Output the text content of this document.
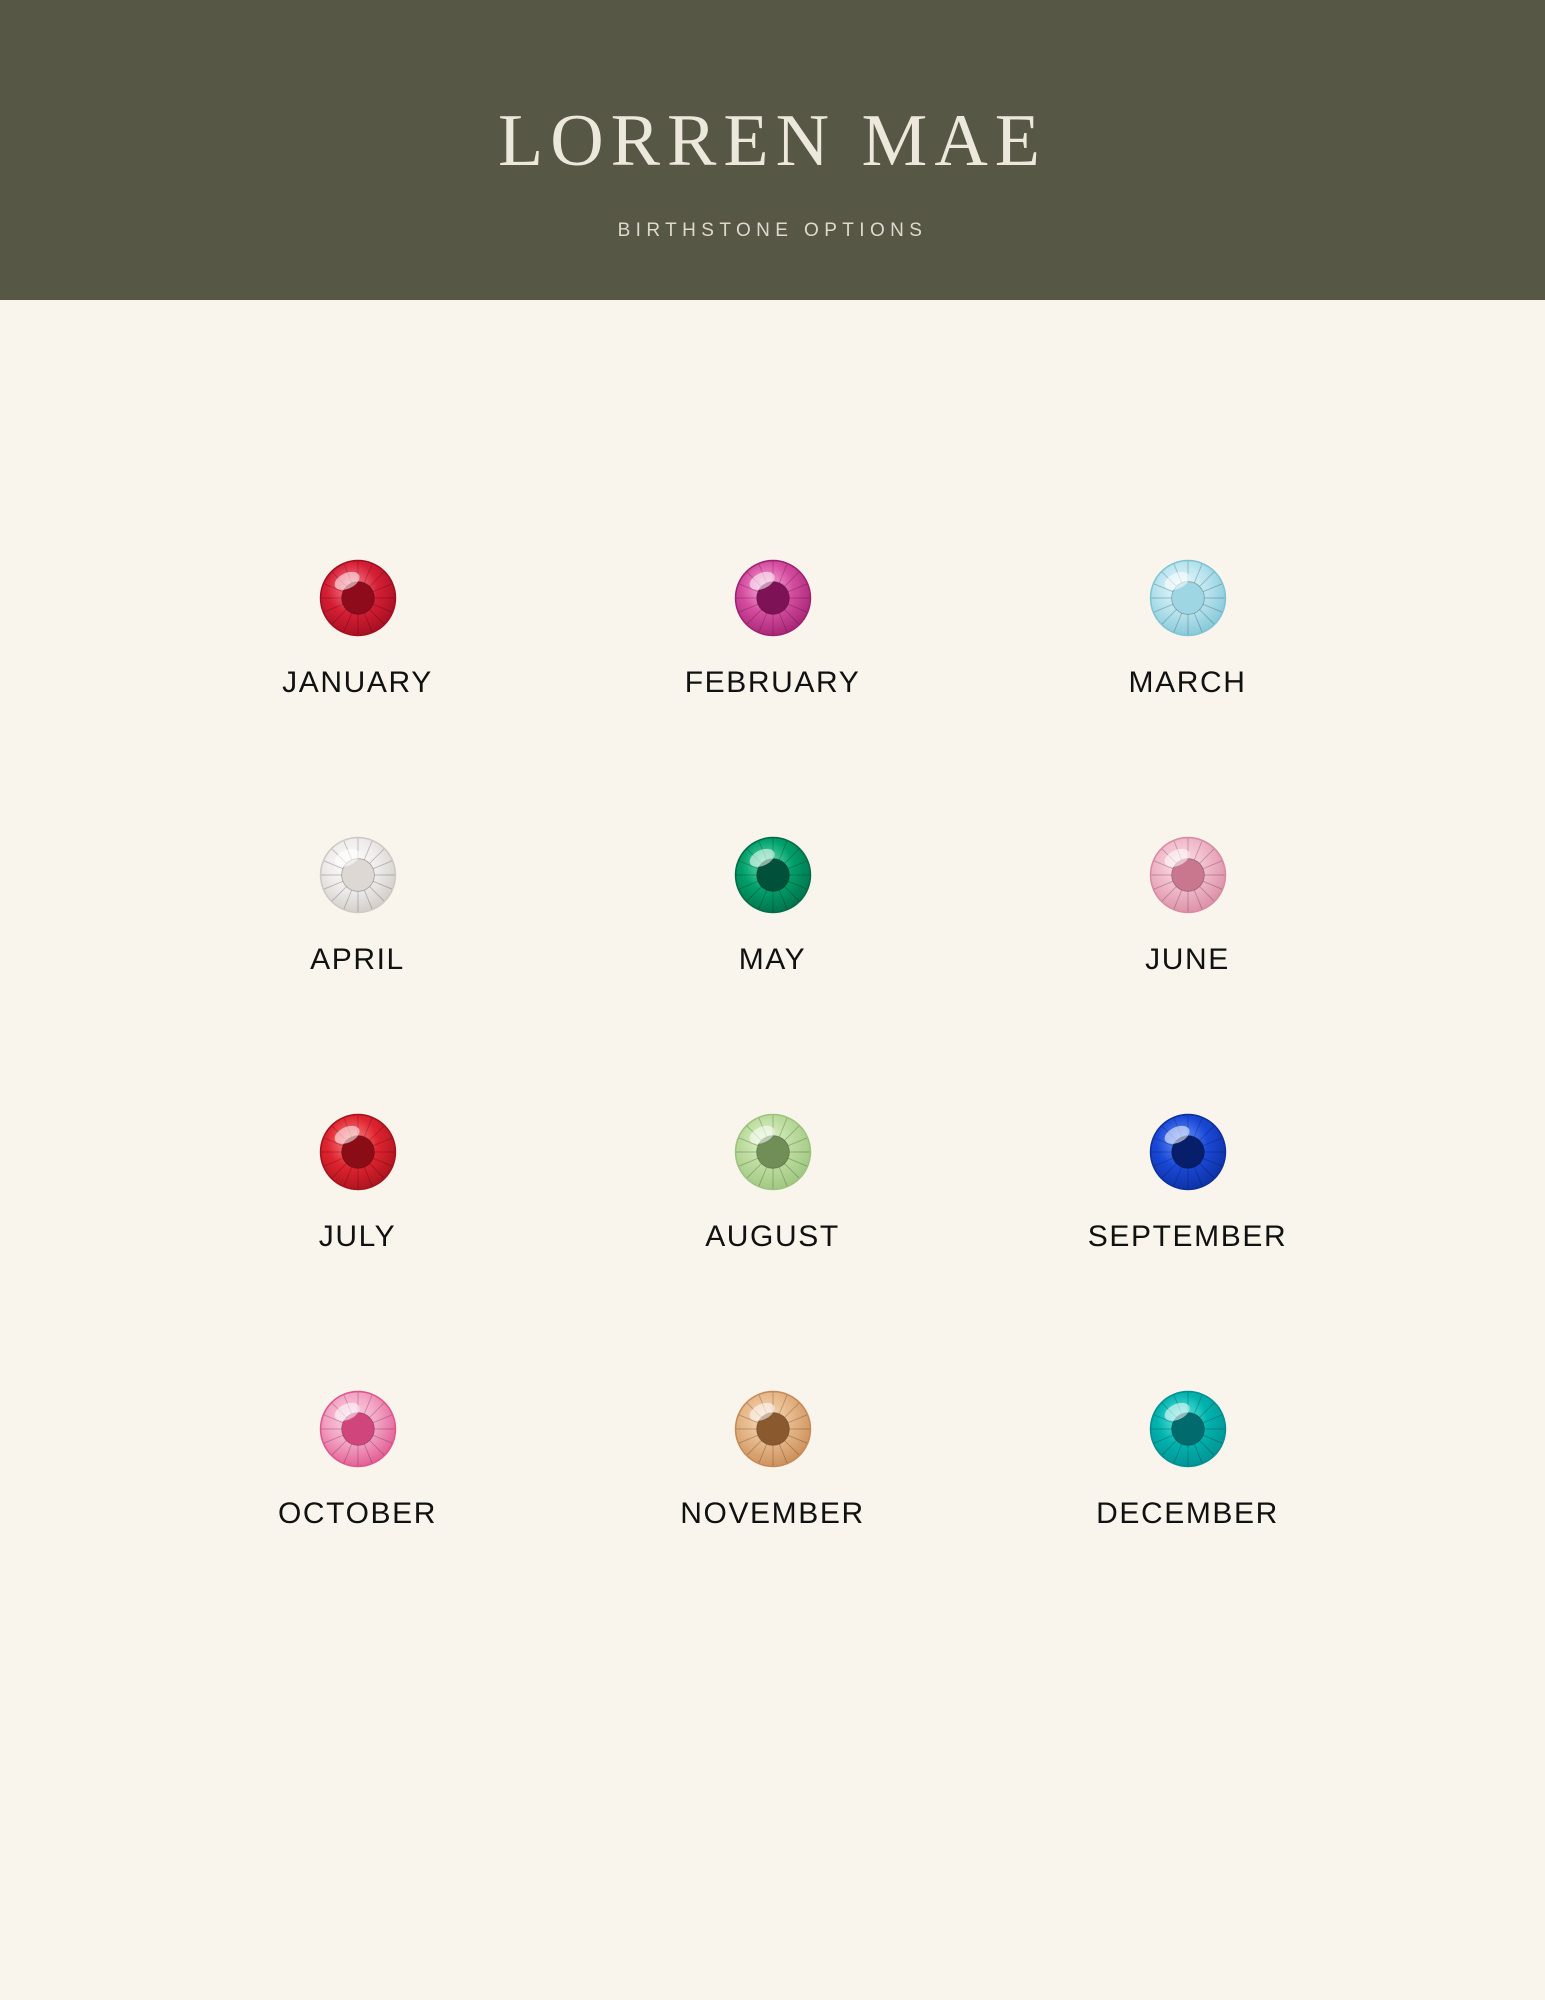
LORREN MAE
BIRTHSTONE OPTIONS
JANUARY	FEBRUARY	MARCH
APRIL	MAY	JUNE
JULY	AUGUST	SEPTEMBER
OCTOBER	NOVEMBER	DECEMBER
